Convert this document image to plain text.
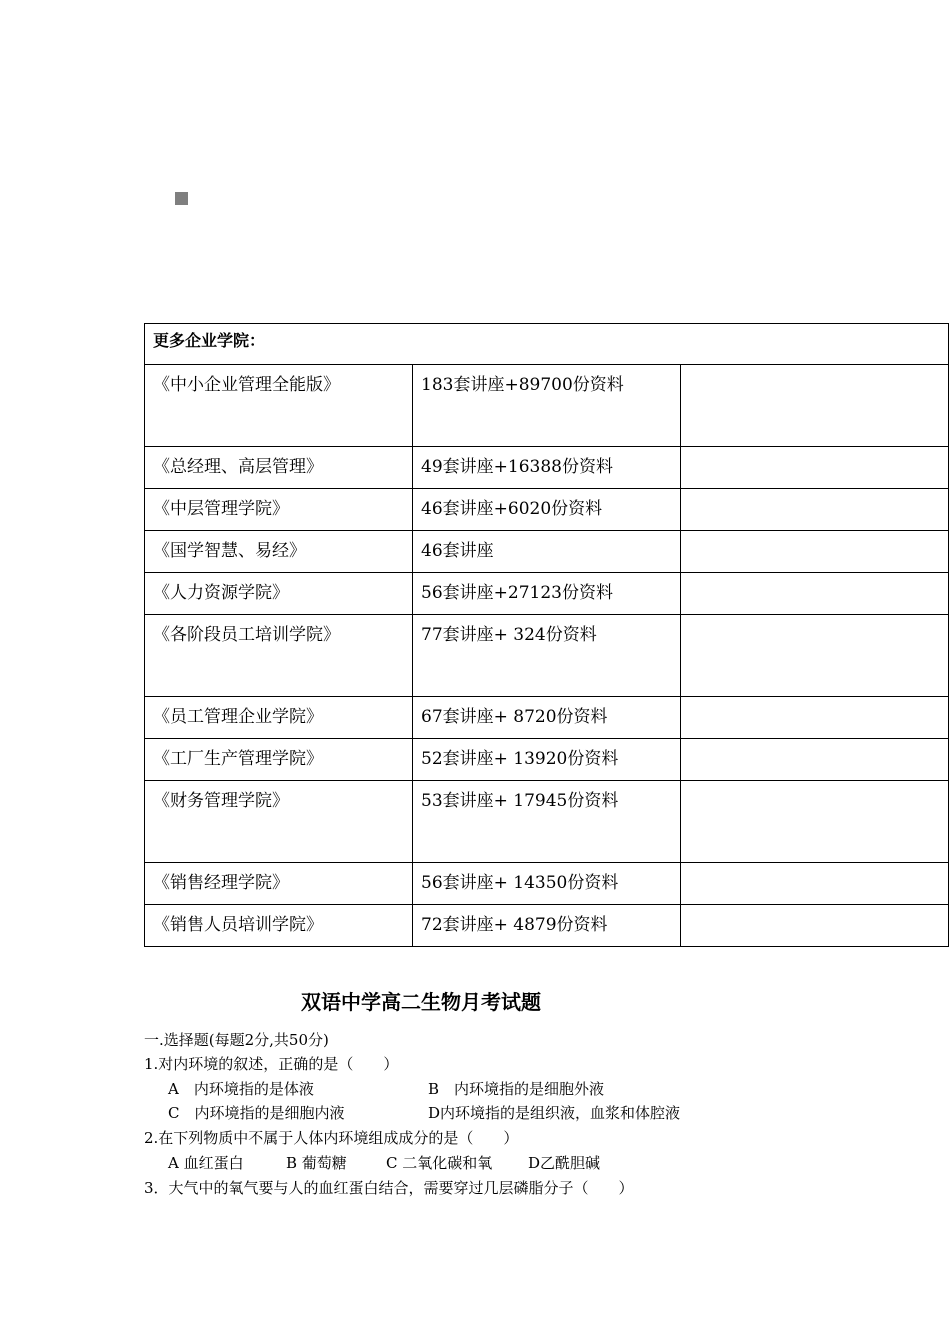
更多企业学院：		
《中小企业管理全能版》	183套讲座+89700份资料	
《总经理、高层管理》	49套讲座+16388份资料	
《中层管理学院》	46套讲座+6020份资料	
《国学智慧、易经》	46套讲座	
《人力资源学院》	56套讲座+27123份资料	
《各阶段员工培训学院》	77套讲座+ 324份资料	
《员工管理企业学院》	67套讲座+ 8720份资料	
《工厂生产管理学院》	52套讲座+ 13920份资料	
《财务管理学院》	53套讲座+ 17945份资料	
《销售经理学院》	56套讲座+ 14350份资料	
《销售人员培训学院》	72套讲座+ 4879份资料	
双语中学高二生物月考试题
一.选择题(每题2分,共50分)
1.对内环境的叙述，正确的是（　　）
A　内环境指的是体液	B　内环境指的是细胞外液
C　内环境指的是细胞内液	D内环境指的是组织液，血浆和体腔液
2.在下列物质中不属于人体内环境组成成分的是（　　）
A 血红蛋白	B 葡萄糖	C 二氧化碳和氧 D乙酰胆碱
3．大气中的氧气要与人的血红蛋白结合，需要穿过几层磷脂分子（　　）
